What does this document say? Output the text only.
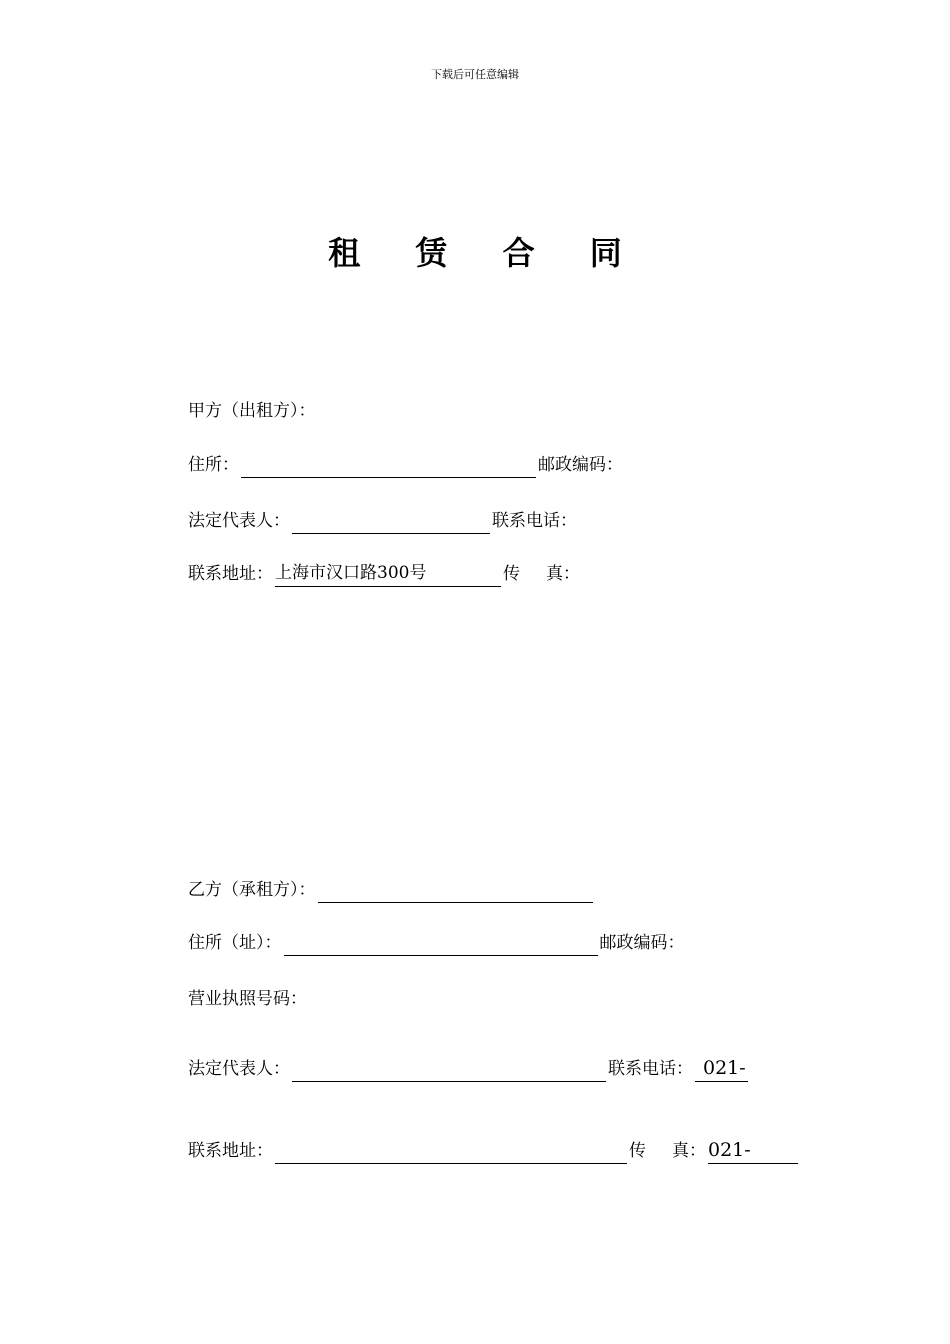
下载后可任意编辑
租 赁 合 同
甲方（出租方）：
住所：	邮政编码：
法定代表人：	联系电话：
联系地址： 上海市汉口路300号	传 真：
乙方（承租方）：
住所（址）：	邮政编码：
营业执照号码：
法定代表人：	联系电话： 021-
联系地址：	传 真： 021-
